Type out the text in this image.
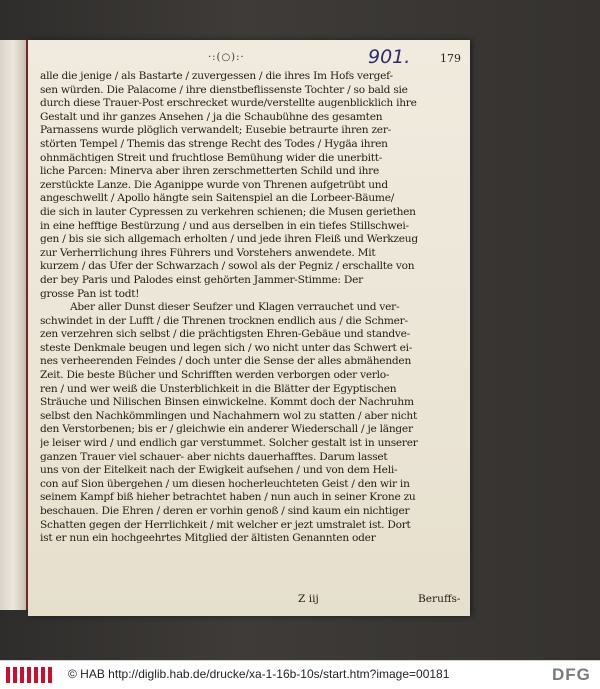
·:(○):·	901.	179
alle die jenige / als Bastarte / zuvergessen / die ihres Im Hofs vergef-
sen würden. Die Palacome / ihre dienstbeflissenste Tochter / so bald sie
durch diese Trauer-Post erschrecket wurde/verstellte augenblicklich ihre
Gestalt und ihr ganzes Ansehen / ja die Schaubühne des gesamten
Parnassens wurde plöglich verwandelt; Eusebie betraurte ihren zer-
störten Tempel / Themis das strenge Recht des Todes / Hygäa ihren
ohnmächtigen Streit und fruchtlose Bemühung wider die unerbitt-
liche Parcen: Minerva aber ihren zerschmetterten Schild und ihre
zerstückte Lanze. Die Aganippe wurde von Threnen aufgetrübt und
angeschwellt / Apollo hängte sein Saitenspiel an die Lorbeer-Bäume/
die sich in lauter Cypressen zu verkehren schienen; die Musen geriethen
in eine hefftige Bestürzung / und aus derselben in ein tiefes Stillschwei-
gen / bis sie sich allgemach erholten / und jede ihren Fleiß und Werkzeug
zur Verherrlichung ihres Führers und Vorstehers anwendete. Mit
kurzem / das Ufer der Schwarzach / sowol als der Pegniz / erschallte von
der bey Paris und Palodes einst gehörten Jammer-Stimme: Der
grosse Pan ist todt!
Aber aller Dunst dieser Seufzer und Klagen verrauchet und ver-
schwindet in der Lufft / die Threnen trocknen endlich aus / die Schmer-
zen verzehren sich selbst / die prächtigsten Ehren-Gebäue und standve-
steste Denkmale beugen und legen sich / wo nicht unter das Schwert ei-
nes verheerenden Feindes / doch unter die Sense der alles abmähenden
Zeit. Die beste Bücher und Schrifften werden verborgen oder verlo-
ren / und wer weiß die Unsterblichkeit in die Blätter der Egyptischen
Sträuche und Nilischen Binsen einwickelne. Kommt doch der Nachruhm
selbst den Nachkömmlingen und Nachahmern wol zu statten / aber nicht
den Verstorbenen; bis er / gleichwie ein anderer Wiederschall / je länger
je leiser wird / und endlich gar verstummet. Solcher gestalt ist in unserer
ganzen Trauer viel schauer- aber nichts dauerhafftes. Darum lasset
uns von der Eitelkeit nach der Ewigkeit aufsehen / und von dem Heli-
con auf Sion übergehen / um diesen hocherleuchteten Geist / den wir in
seinem Kampf biß hieher betrachtet haben / nun auch in seiner Krone zu
beschauen. Die Ehren / deren er vorhin genoß / sind kaum ein nichtiger
Schatten gegen der Herrlichkeit / mit welcher er jezt umstralet ist. Dort
ist er nun ein hochgeehrtes Mitglied der ältisten Genannten oder
Z iij	Beruffs-
© HAB http://diglib.hab.de/drucke/xa-1-16b-10s/start.htm?image=00181	DFG
